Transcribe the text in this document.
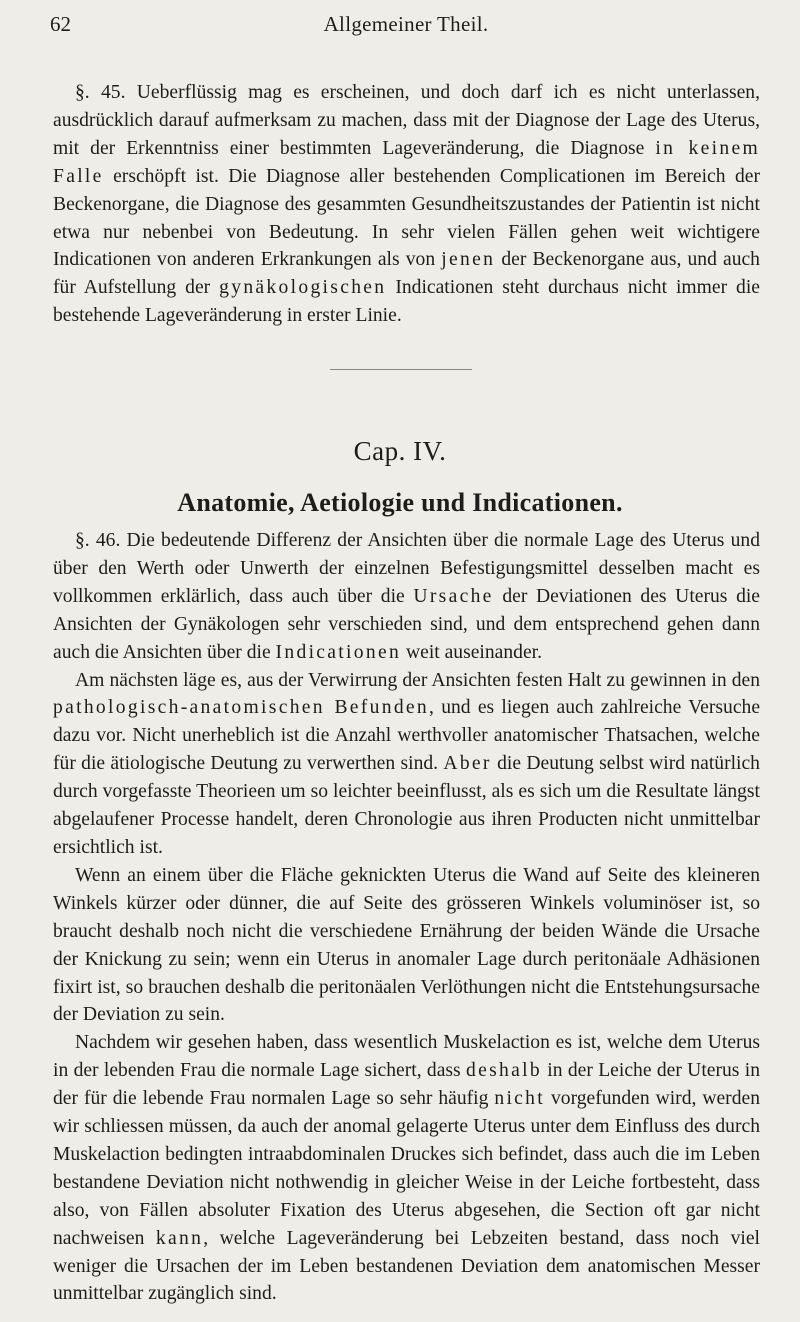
62	Allgemeiner Theil.

§. 45. Ueberflüssig mag es erscheinen, und doch darf ich es nicht unterlassen, ausdrücklich darauf aufmerksam zu machen, dass mit der Diagnose der Lage des Uterus, mit der Erkenntniss einer bestimmten Lageveränderung, die Diagnose in keinem Falle erschöpft ist. Die Diagnose aller bestehenden Complicationen im Bereich der Beckenorgane, die Diagnose des gesammten Gesundheitszustandes der Patientin ist nicht etwa nur nebenbei von Bedeutung. In sehr vielen Fällen gehen weit wichtigere Indicationen von anderen Erkrankungen als von jenen der Beckenorgane aus, und auch für Aufstellung der gynäkologischen Indicationen steht durchaus nicht immer die bestehende Lageveränderung in erster Linie.

Cap. IV.
Anatomie, Aetiologie und Indicationen.

§. 46. Die bedeutende Differenz der Ansichten über die normale Lage des Uterus und über den Werth oder Unwerth der einzelnen Befestigungsmittel desselben macht es vollkommen erklärlich, dass auch über die Ursache der Deviationen des Uterus die Ansichten der Gynäkologen sehr verschieden sind, und dem entsprechend gehen dann auch die Ansichten über die Indicationen weit auseinander.

Am nächsten läge es, aus der Verwirrung der Ansichten festen Halt zu gewinnen in den pathologisch-anatomischen Befunden, und es liegen auch zahlreiche Versuche dazu vor. Nicht unerheblich ist die Anzahl werthvoller anatomischer Thatsachen, welche für die ätiologische Deutung zu verwerthen sind. Aber die Deutung selbst wird natürlich durch vorgefasste Theorieen um so leichter beeinflusst, als es sich um die Resultate längst abgelaufener Processe handelt, deren Chronologie aus ihren Producten nicht unmittelbar ersichtlich ist.

Wenn an einem über die Fläche geknickten Uterus die Wand auf Seite des kleineren Winkels kürzer oder dünner, die auf Seite des grösseren Winkels voluminöser ist, so braucht deshalb noch nicht die verschiedene Ernährung der beiden Wände die Ursache der Knickung zu sein; wenn ein Uterus in anomaler Lage durch peritonäale Adhäsionen fixirt ist, so brauchen deshalb die peritonäalen Verlöthungen nicht die Entstehungsursache der Deviation zu sein.

Nachdem wir gesehen haben, dass wesentlich Muskelaction es ist, welche dem Uterus in der lebenden Frau die normale Lage sichert, dass deshalb in der Leiche der Uterus in der für die lebende Frau normalen Lage so sehr häufig nicht vorgefunden wird, werden wir schliessen müssen, da auch der anomal gelagerte Uterus unter dem Einfluss des durch Muskelaction bedingten intraabdominalen Druckes sich befindet, dass auch die im Leben bestandene Deviation nicht nothwendig in gleicher Weise in der Leiche fortbesteht, dass also, von Fällen absoluter Fixation des Uterus abgesehen, die Section oft gar nicht nachweisen kann, welche Lageveränderung bei Lebzeiten bestand, dass noch viel weniger die Ursachen der im Leben bestandenen Deviation dem anatomischen Messer unmittelbar zugänglich sind.
